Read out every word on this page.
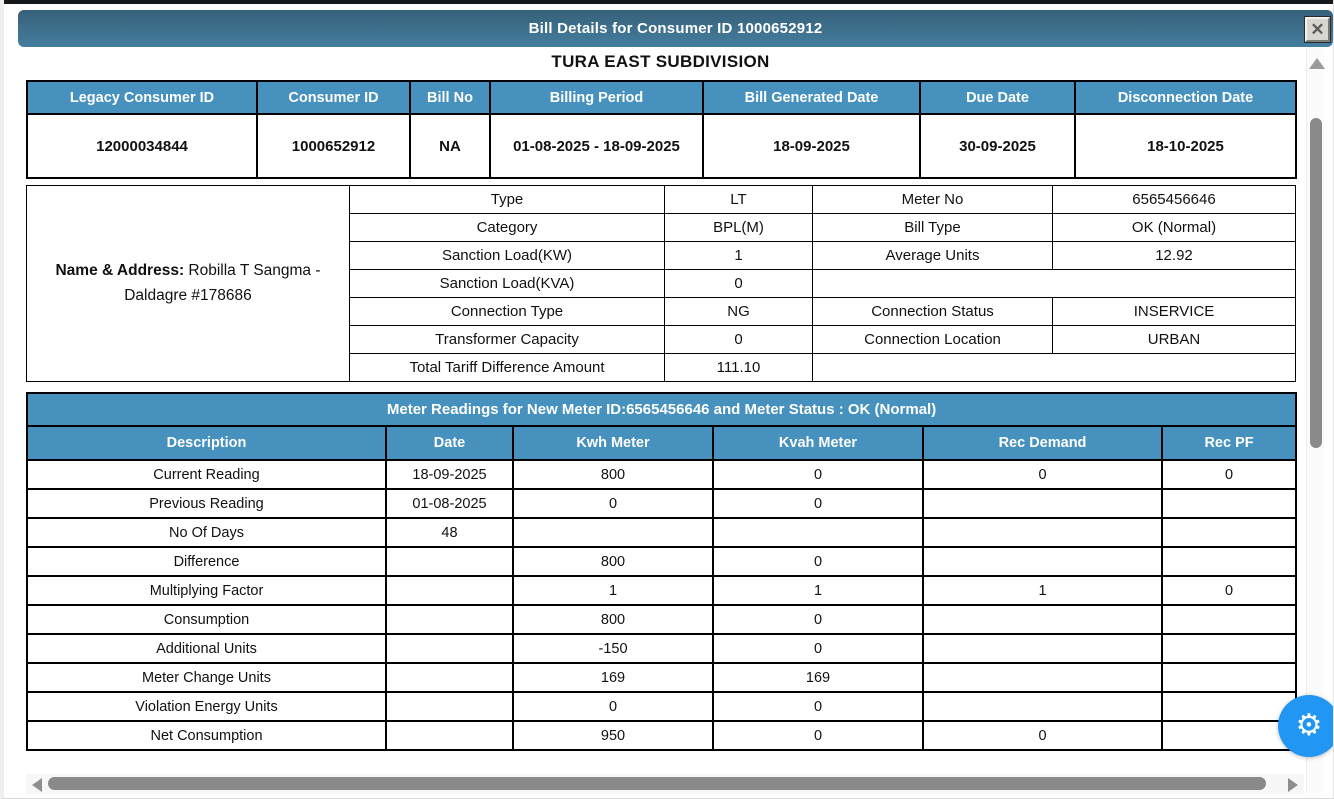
Bill Details for Consumer ID 1000652912	✕
TURA EAST SUBDIVISION
Legacy Consumer ID	Consumer ID	Bill No	Billing Period	Bill Generated Date	Due Date	Disconnection Date
12000034844	1000652912	NA	01-08-2025 - 18-09-2025	18-09-2025	30-09-2025	18-10-2025
Name & Address: Robilla T Sangma - Daldagre #178686	Type	LT	Meter No	6565456646
	Category	BPL(M)	Bill Type	OK (Normal)
	Sanction Load(KW)	1	Average Units	12.92
	Sanction Load(KVA)	0		
	Connection Type	NG	Connection Status	INSERVICE
	Transformer Capacity	0	Connection Location	URBAN
	Total Tariff Difference Amount	111.10		
Meter Readings for New Meter ID:6565456646 and Meter Status : OK (Normal)					
Description	Date	Kwh Meter	Kvah Meter	Rec Demand	Rec PF
Current Reading	18-09-2025	800	0	0	0
Previous Reading	01-08-2025	0	0		
No Of Days	48				
Difference		800	0		
Multiplying Factor		1	1	1	0
Consumption		800	0		
Additional Units		-150	0		
Meter Change Units		169	169		
Violation Energy Units		0	0		
Net Consumption		950	0	0		⚙
